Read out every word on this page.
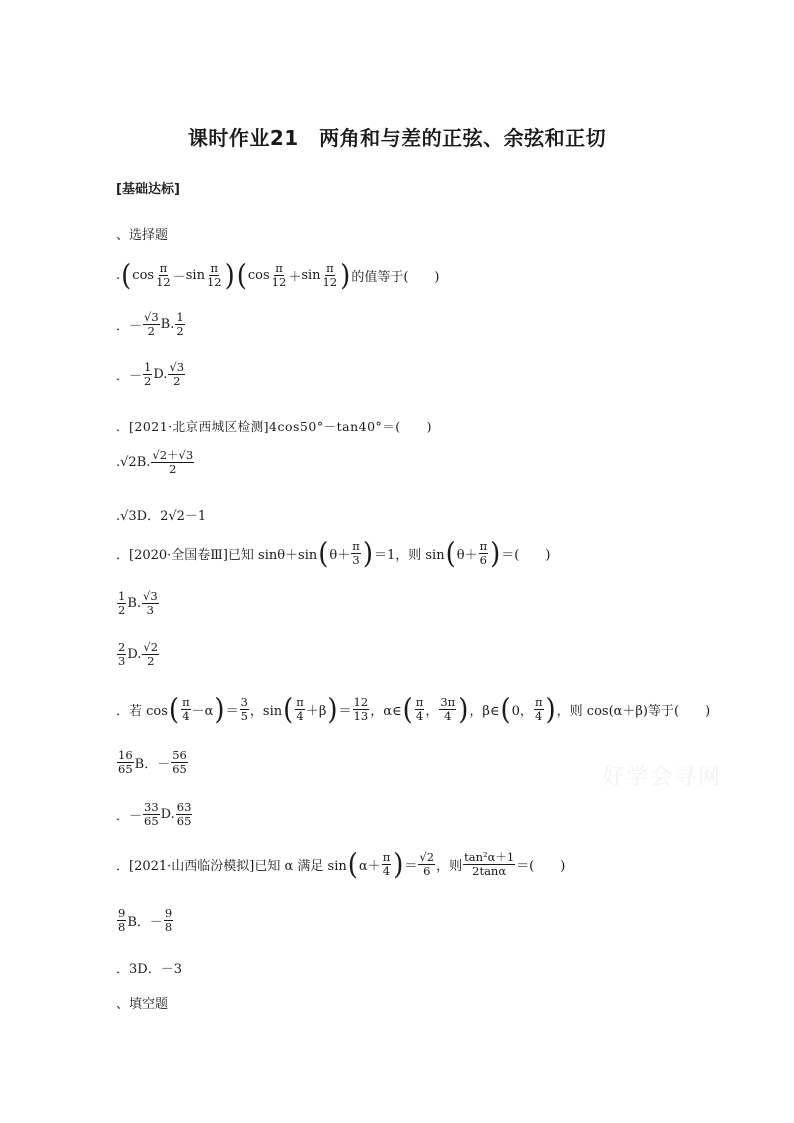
课时作业21　两角和与差的正弦、余弦和正切
[基础达标]
、选择题
. ( $\cos \frac{\pi}{12} - \sin \frac{\pi}{12}$ ) ( $\cos \frac{\pi}{12} + \sin \frac{\pi}{12}$ ) 的值等于(　　)
．－ $\frac{√3}{2} B$. $\frac{1}{2}$
．－ $\frac{1}{2} D$. $\frac{√3}{2}$
．[2021·北京西城区检测]4cos50°－tan40°＝(　　)
.√2 B. $\frac{√2+√3}{2}$
.√3D．2√2－1
．[2020·全国卷Ⅲ]已知 sinθ＋sin ( $\theta+ \frac{\pi}{3}$ ) ＝1，则 sin ( $\theta+ \frac{\pi}{6}$ ) ＝(　　)
$\frac{1}{2} B$. $\frac{√3}{3}$
$\frac{2}{3} D$. $\frac{√2}{2}$
．若 cos ( $\frac{\pi}{4} -\alpha$ ) ＝ $\frac{3}{5}$ ，sin ( $\frac{\pi}{4} +\beta$ ) ＝ $\frac{12}{13}$ ，α∈ ( $\frac{\pi}{4}$ ， $\frac{3\pi}{4}$ ) ，β∈ ( 0， $\frac{\pi}{4}$ ) ，则 cos(α＋β)等于(　　)
$\frac{16}{65}$ B．－ $\frac{56}{65}$
．－ $\frac{33}{65} D$. $\frac{63}{65}$
．[2021·山西临汾模拟]已知 α 满足 sin ( $\alpha+ \frac{\pi}{4}$ ) ＝ $\frac{√2}{6}$ ，则 $\frac{\text{tan²α＋1}}{2\tan\alpha}$ ＝(　　)
$\frac{9}{8}$ B．－ $\frac{9}{8}$
．3D．－3
、填空题
好学会寻网
